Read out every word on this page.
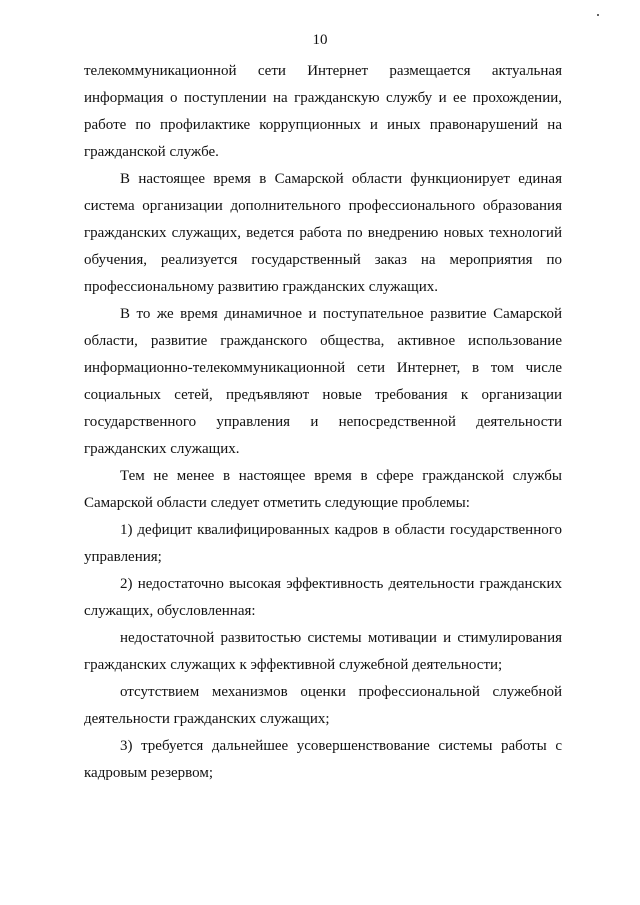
10

телекоммуникационной сети Интернет размещается актуальная информация о поступлении на гражданскую службу и ее прохождении, работе по профилактике коррупционных и иных правонарушений на гражданской службе.

В настоящее время в Самарской области функционирует единая система организации дополнительного профессионального образования гражданских служащих, ведется работа по внедрению новых технологий обучения, реализуется государственный заказ на мероприятия по профессиональному развитию гражданских служащих.

В то же время динамичное и поступательное развитие Самарской области, развитие гражданского общества, активное использование информационно-телекоммуникационной сети Интернет, в том числе социальных сетей, предъявляют новые требования к организации государственного управления и непосредственной деятельности гражданских служащих.

Тем не менее в настоящее время в сфере гражданской службы Самарской области следует отметить следующие проблемы:

1) дефицит квалифицированных кадров в области государственного управления;

2) недостаточно высокая эффективность деятельности гражданских служащих, обусловленная:

недостаточной развитостью системы мотивации и стимулирования гражданских служащих к эффективной служебной деятельности;

отсутствием механизмов оценки профессиональной служебной деятельности гражданских служащих;

3) требуется дальнейшее усовершенствование системы работы с кадровым резервом;
